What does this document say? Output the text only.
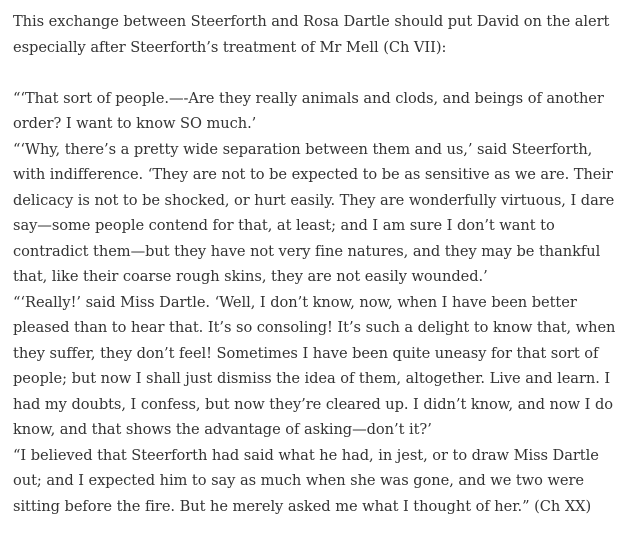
This exchange between Steerforth and Rosa Dartle should put David on the alert especially after Steerforth’s treatment of Mr Mell (Ch VII):

“‘That sort of people.—-Are they really animals and clods, and beings of another order? I want to know SO much.’

“‘Why, there’s a pretty wide separation between them and us,’ said Steerforth, with indifference. ‘They are not to be expected to be as sensitive as we are. Their delicacy is not to be shocked, or hurt easily. They are wonderfully virtuous, I dare say—some people contend for that, at least; and I am sure I don’t want to contradict them—but they have not very fine natures, and they may be thankful that, like their coarse rough skins, they are not easily wounded.’

“‘Really!’ said Miss Dartle. ‘Well, I don’t know, now, when I have been better pleased than to hear that. It’s so consoling! It’s such a delight to know that, when they suffer, they don’t feel! Sometimes I have been quite uneasy for that sort of people; but now I shall just dismiss the idea of them, altogether. Live and learn. I had my doubts, I confess, but now they’re cleared up. I didn’t know, and now I do know, and that shows the advantage of asking—don’t it?’

“I believed that Steerforth had said what he had, in jest, or to draw Miss Dartle out; and I expected him to say as much when she was gone, and we two were sitting before the fire. But he merely asked me what I thought of her.” (Ch XX)
